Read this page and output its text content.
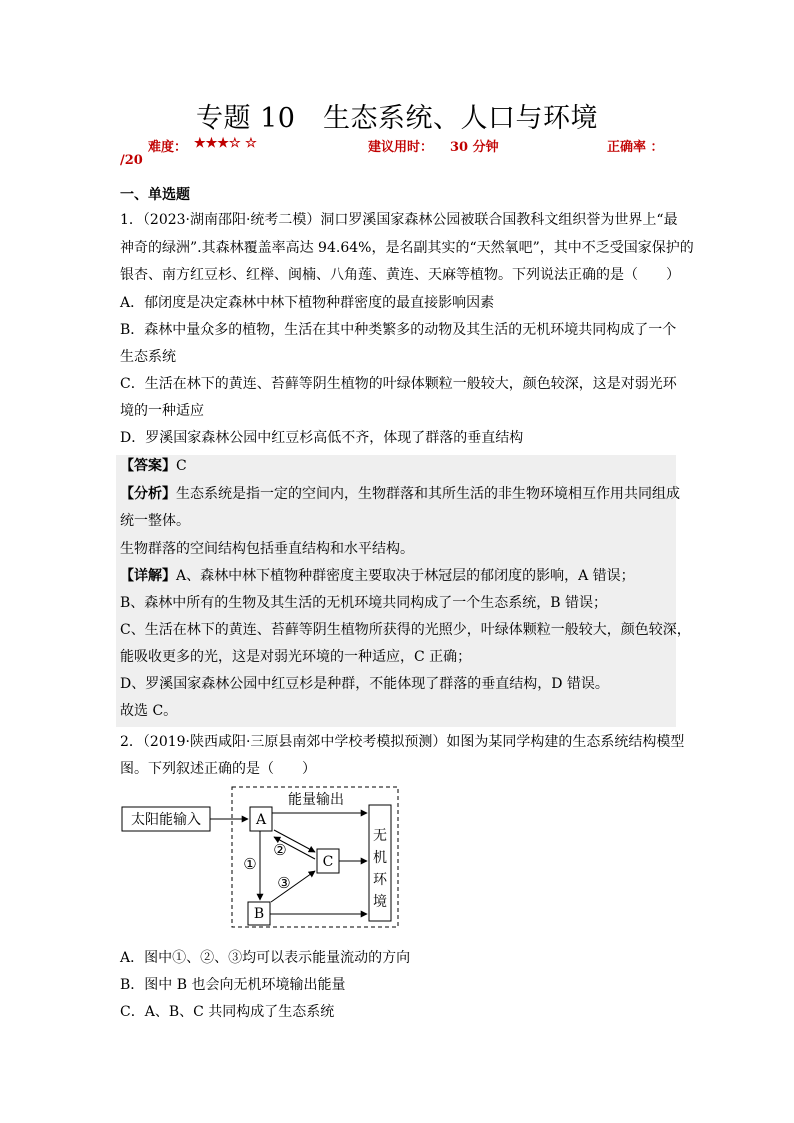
专题 10　生态系统、人口与环境
难度： ★★★☆ ☆	建议用时： 30 分钟	正确率 ：
/20
一、单选题
1．（2023·湖南邵阳·统考二模）洞口罗溪国家森林公园被联合国教科文组织誉为世界上“最
神奇的绿洲”.其森林覆盖率高达 94.64%，是名副其实的“天然氧吧”，其中不乏受国家保护的
银杏、南方红豆杉、红榉、闽楠、八角莲、黄连、天麻等植物。下列说法正确的是（　　）
A．郁闭度是决定森林中林下植物种群密度的最直接影响因素
B．森林中量众多的植物，生活在其中种类繁多的动物及其生活的无机环境共同构成了一个
生态系统
C．生活在林下的黄连、苔藓等阴生植物的叶绿体颗粒一般较大，颜色较深，这是对弱光环
境的一种适应
D．罗溪国家森林公园中红豆杉高低不齐，体现了群落的垂直结构
【答案】C
【分析】生态系统是指一定的空间内，生物群落和其所生活的非生物环境相互作用共同组成
统一整体。
生物群落的空间结构包括垂直结构和水平结构。
【详解】A、森林中林下植物种群密度主要取决于林冠层的郁闭度的影响，A 错误；
B、森林中所有的生物及其生活的无机环境共同构成了一个生态系统，B 错误；
C、生活在林下的黄连、苔藓等阴生植物所获得的光照少，叶绿体颗粒一般较大，颜色较深，
能吸收更多的光，这是对弱光环境的一种适应，C 正确；
D、罗溪国家森林公园中红豆杉是种群，不能体现了群落的垂直结构，D 错误。
故选 C。
2．（2019·陕西咸阳·三原县南郊中学校考模拟预测）如图为某同学构建的生态系统结构模型
图。下列叙述正确的是（　　）
太阳能输入	A
B
C
无
机
环
境
能量输出
①
②
③
A．图中①、②、③均可以表示能量流动的方向
B．图中 B 也会向无机环境输出能量
C．A、B、C 共同构成了生态系统
